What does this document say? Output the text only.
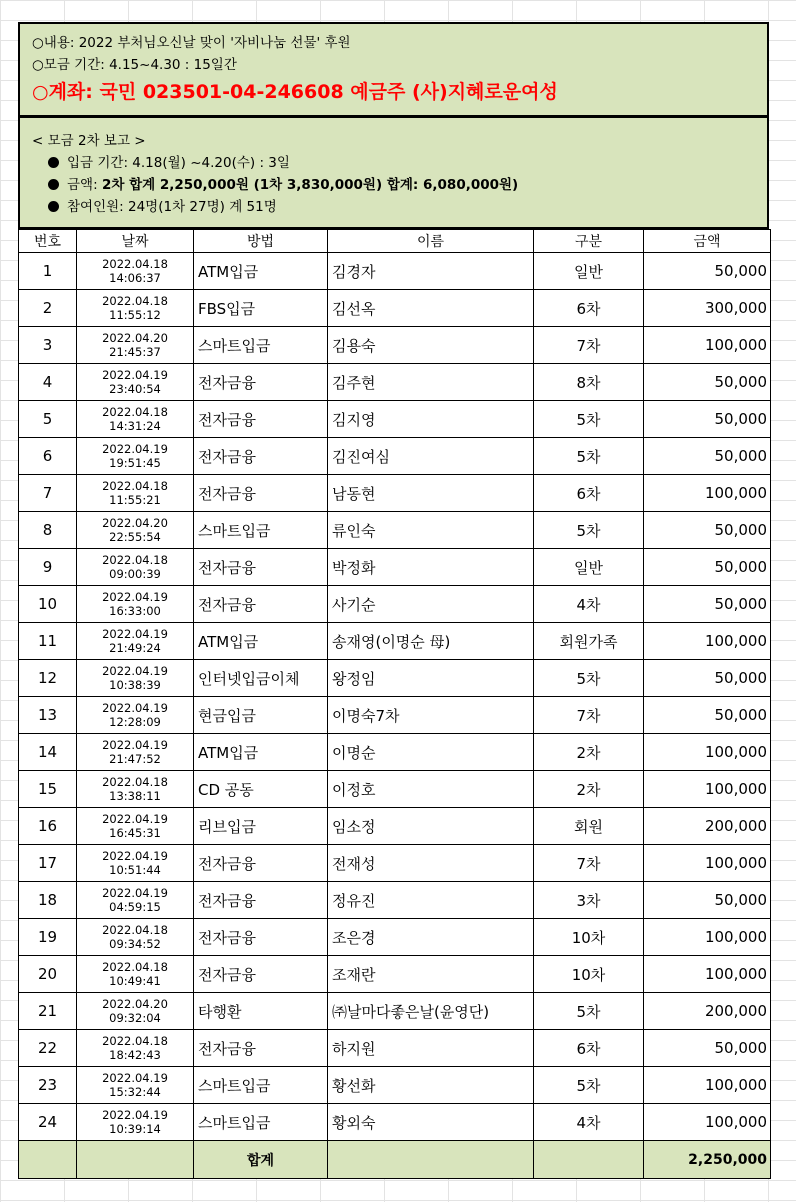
○내용: 2022 부처님오신날 맞이 '자비나눔 선물' 후원
○모금 기간: 4.15~4.30 : 15일간
○계좌: 국민 023501-04-246608 예금주 (사)지혜로운여성
< 모금 2차 보고 >
입금 기간: 4.18(월) ~4.20(수) : 3일
금액: 2차 합계 2,250,000원 (1차 3,830,000원) 합계: 6,080,000원)
참여인원: 24명(1차 27명) 계 51명
번호	날짜	방법	이름	구분	금액
1	2022.04.18
14:06:37	ATM입금	김경자	일반	50,000
2	2022.04.18
11:55:12	FBS입금	김선옥	6차	300,000
3	2022.04.20
21:45:37	스마트입금	김용숙	7차	100,000
4	2022.04.19
23:40:54	전자금융	김주현	8차	50,000
5	2022.04.18
14:31:24	전자금융	김지영	5차	50,000
6	2022.04.19
19:51:45	전자금융	김진여심	5차	50,000
7	2022.04.18
11:55:21	전자금융	남동현	6차	100,000
8	2022.04.20
22:55:54	스마트입금	류인숙	5차	50,000
9	2022.04.18
09:00:39	전자금융	박정화	일반	50,000
10	2022.04.19
16:33:00	전자금융	사기순	4차	50,000
11	2022.04.19
21:49:24	ATM입금	송재영(이명순 母)	회원가족	100,000
12	2022.04.19
10:38:39	인터넷입금이체	왕정임	5차	50,000
13	2022.04.19
12:28:09	현금입금	이명숙7차	7차	50,000
14	2022.04.19
21:47:52	ATM입금	이명순	2차	100,000
15	2022.04.18
13:38:11	CD 공동	이정호	2차	100,000
16	2022.04.19
16:45:31	리브입금	임소정	회원	200,000
17	2022.04.19
10:51:44	전자금융	전재성	7차	100,000
18	2022.04.19
04:59:15	전자금융	정유진	3차	50,000
19	2022.04.18
09:34:52	전자금융	조은경	10차	100,000
20	2022.04.18
10:49:41	전자금융	조재란	10차	100,000
21	2022.04.20
09:32:04	타행환	㈜날마다좋은날(윤영단)	5차	200,000
22	2022.04.18
18:42:43	전자금융	하지원	6차	50,000
23	2022.04.19
15:32:44	스마트입금	황선화	5차	100,000
24	2022.04.19
10:39:14	스마트입금	황외숙	4차	100,000
		합계			2,250,000
